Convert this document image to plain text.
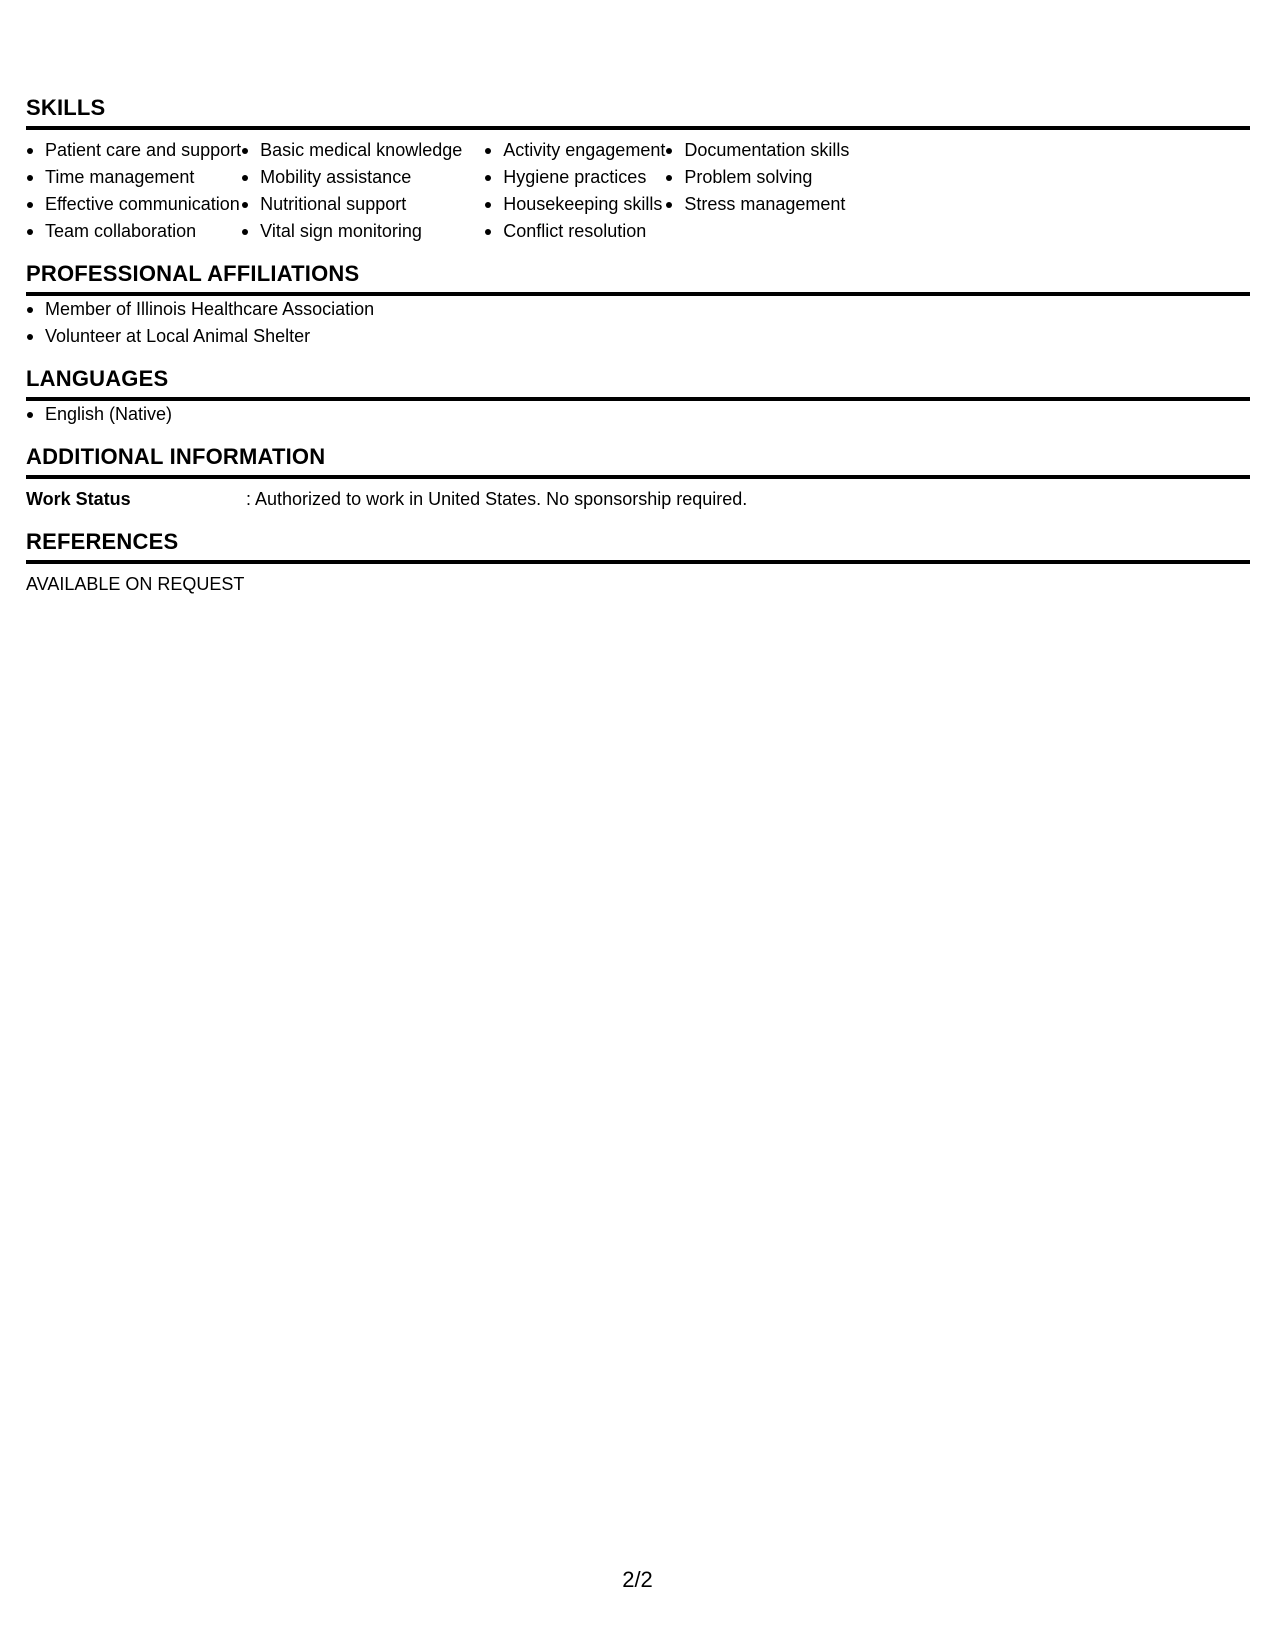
SKILLS
Patient care and support
Time management
Effective communication
Team collaboration
Basic medical knowledge
Mobility assistance
Nutritional support
Vital sign monitoring
Activity engagement
Hygiene practices
Housekeeping skills
Conflict resolution
Documentation skills
Problem solving
Stress management
PROFESSIONAL AFFILIATIONS
Member of Illinois Healthcare Association
Volunteer at Local Animal Shelter
LANGUAGES
English (Native)
ADDITIONAL INFORMATION
Work Status	: Authorized to work in United States. No sponsorship required.
REFERENCES
AVAILABLE ON REQUEST
2/2
